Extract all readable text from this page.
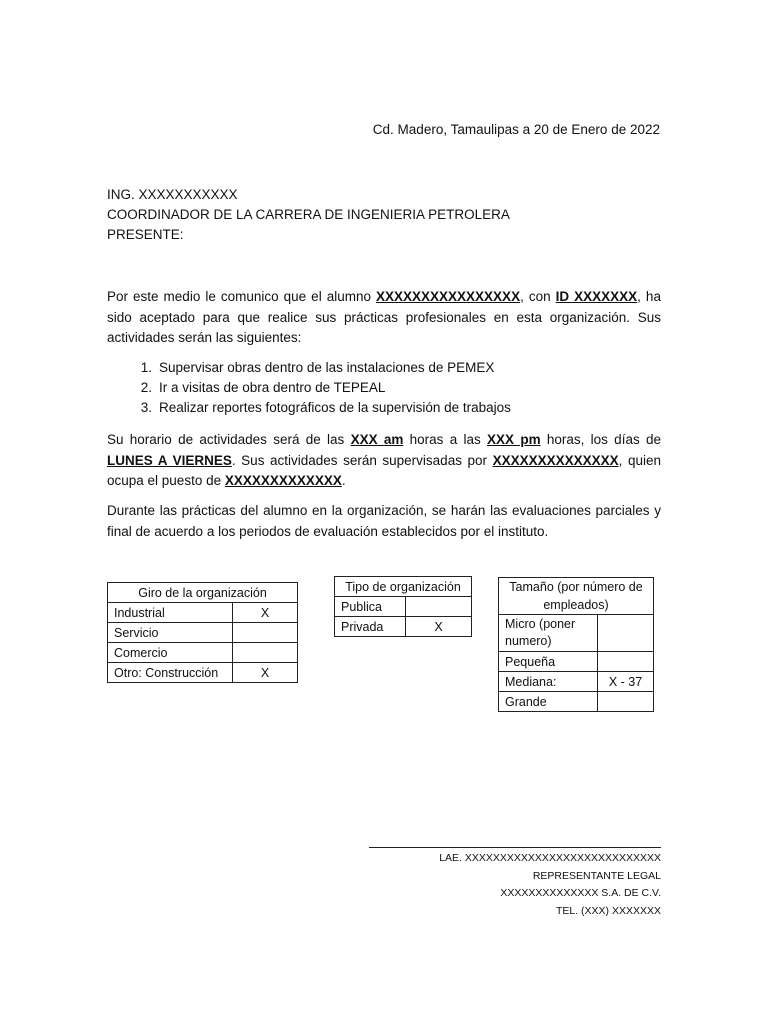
Cd. Madero, Tamaulipas a 20 de Enero de 2022
ING. XXXXXXXXXXX
COORDINADOR DE LA CARRERA DE INGENIERIA PETROLERA
PRESENTE:

Por este medio le comunico que el alumno XXXXXXXXXXXXXXXX, con ID XXXXXXX, ha sido aceptado para que realice sus prácticas profesionales en esta organización. Sus actividades serán las siguientes:

1. Supervisar obras dentro de las instalaciones de PEMEX
2. Ir a visitas de obra dentro de TEPEAL
3. Realizar reportes fotográficos de la supervisión de trabajos

Su horario de actividades será de las XXX am horas a las XXX pm horas, los días de LUNES A VIERNES. Sus actividades serán supervisadas por XXXXXXXXXXXXXX, quien ocupa el puesto de XXXXXXXXXXXXX.

Durante las prácticas del alumno en la organización, se harán las evaluaciones parciales y final de acuerdo a los periodos de evaluación establecidos por el instituto.

Giro de la organización	
Industrial	X
Servicio	
Comercio	
Otro: Construcción	X
Tipo de organización	
Publica	
Privada	X
Tamaño (por número de empleados)	
Micro (poner numero)	
Pequeña	
Mediana:	X - 37
Grande	
LAE. XXXXXXXXXXXXXXXXXXXXXXXXXXXX
REPRESENTANTE LEGAL
XXXXXXXXXXXXXX S.A. DE C.V.
TEL. (XXX) XXXXXXX
